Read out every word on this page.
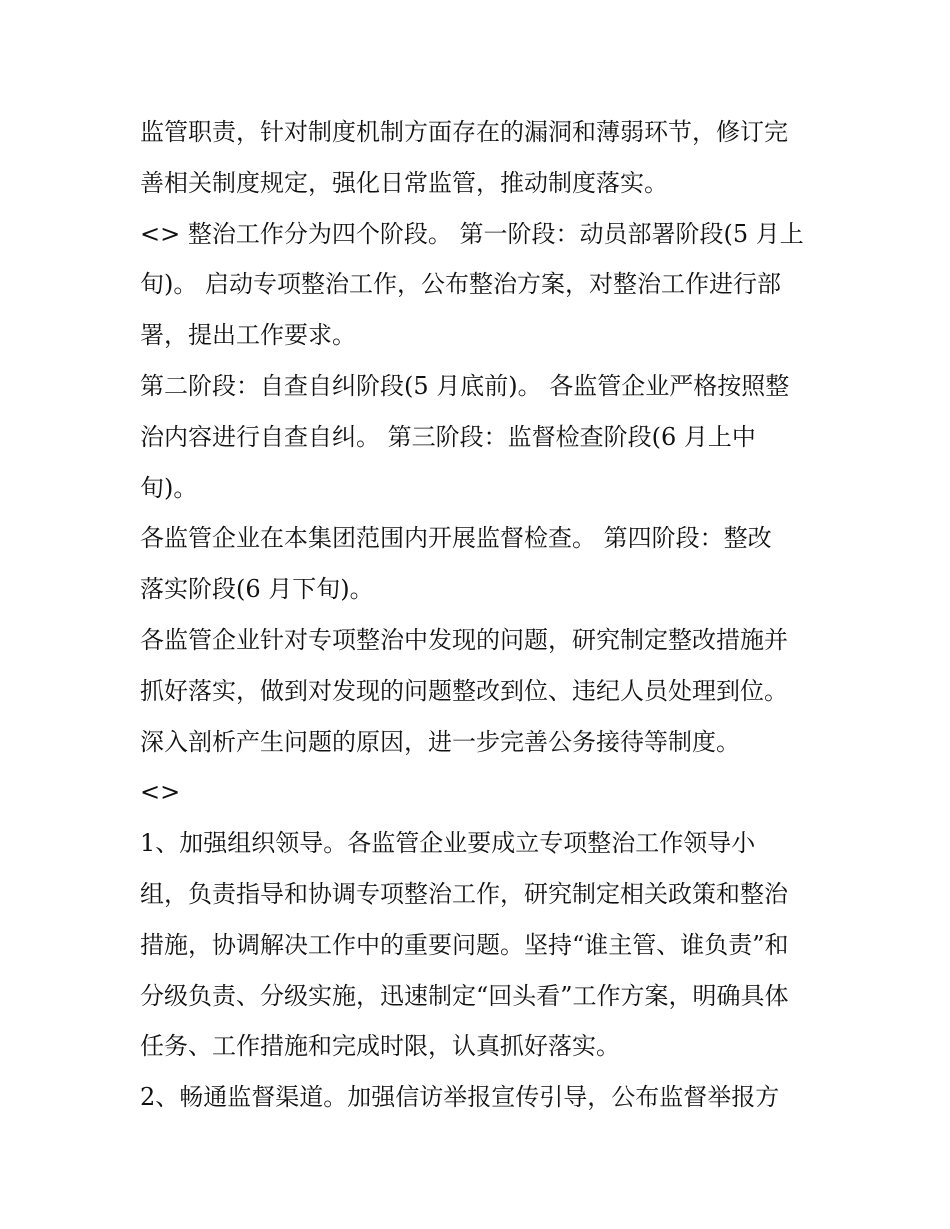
监管职责，针对制度机制方面存在的漏洞和薄弱环节，修订完
善相关制度规定，强化日常监管，推动制度落实。
<> 整治工作分为四个阶段。 第一阶段：动员部署阶段(5 月上
旬)。 启动专项整治工作，公布整治方案，对整治工作进行部
署，提出工作要求。
第二阶段：自查自纠阶段(5 月底前)。 各监管企业严格按照整
治内容进行自查自纠。 第三阶段：监督检查阶段(6 月上中
旬)。
各监管企业在本集团范围内开展监督检查。 第四阶段：整改
落实阶段(6 月下旬)。
各监管企业针对专项整治中发现的问题，研究制定整改措施并
抓好落实，做到对发现的问题整改到位、违纪人员处理到位。
深入剖析产生问题的原因，进一步完善公务接待等制度。
<>
1、加强组织领导。各监管企业要成立专项整治工作领导小
组，负责指导和协调专项整治工作，研究制定相关政策和整治
措施，协调解决工作中的重要问题。坚持“谁主管、谁负责”和
分级负责、分级实施，迅速制定“回头看”工作方案，明确具体
任务、工作措施和完成时限，认真抓好落实。
2、畅通监督渠道。加强信访举报宣传引导，公布监督举报方
